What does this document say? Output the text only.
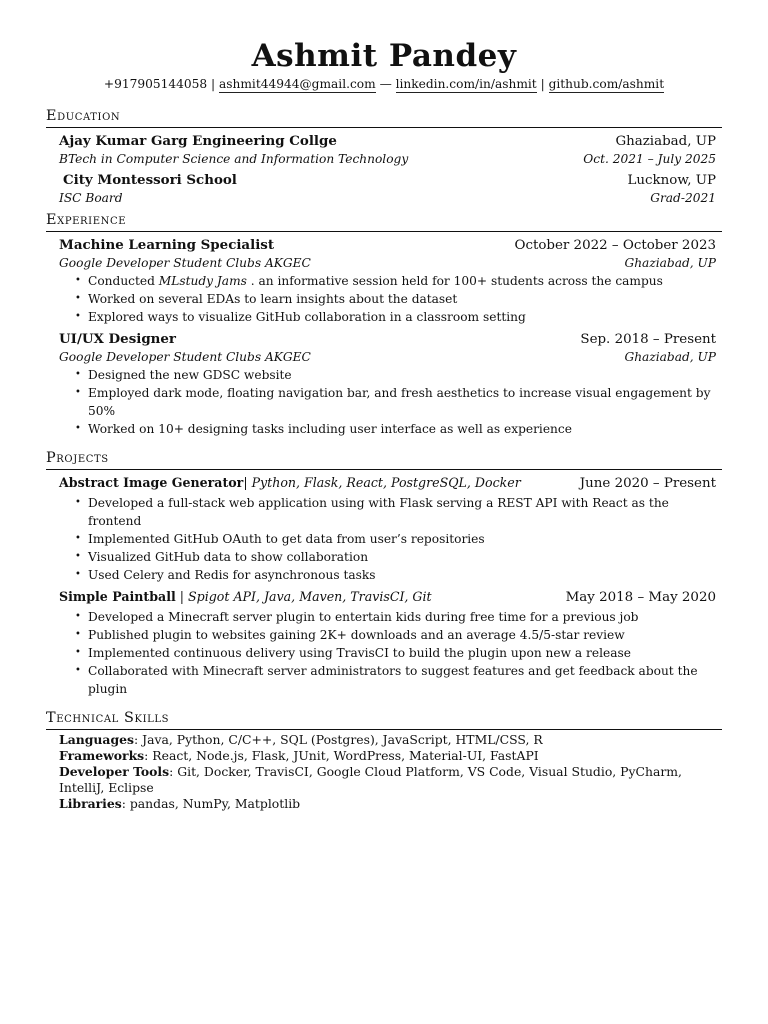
Ashmit Pandey
+917905144058 | ashmit44944@gmail.com — linkedin.com/in/ashmit | github.com/ashmit
Education
Ajay Kumar Garg Engineering Collge	Ghaziabad, UP
BTech in Computer Science and Information Technology	Oct. 2021 – July 2025
City Montessori School	Lucknow, UP
ISC Board	Grad-2021
Experience
Machine Learning Specialist	October 2022 – October 2023
Google Developer Student Clubs AKGEC	Ghaziabad, UP
• Conducted MLstudy Jams . an informative session held for 100+ students across the campus
• Worked on several EDAs to learn insights about the dataset
• Explored ways to visualize GitHub collaboration in a classroom setting
UI/UX Designer	Sep. 2018 – Present
Google Developer Student Clubs AKGEC	Ghaziabad, UP
• Designed the new GDSC website
• Employed dark mode, floating navigation bar, and fresh aesthetics to increase visual engagement by 50%
• Worked on 10+ designing tasks including user interface as well as experience
Projects
Abstract Image Generator| Python, Flask, React, PostgreSQL, Docker	June 2020 – Present
• Developed a full-stack web application using with Flask serving a REST API with React as the frontend
• Implemented GitHub OAuth to get data from user’s repositories
• Visualized GitHub data to show collaboration
• Used Celery and Redis for asynchronous tasks
Simple Paintball | Spigot API, Java, Maven, TravisCI, Git	May 2018 – May 2020
• Developed a Minecraft server plugin to entertain kids during free time for a previous job
• Published plugin to websites gaining 2K+ downloads and an average 4.5/5-star review
• Implemented continuous delivery using TravisCI to build the plugin upon new a release
• Collaborated with Minecraft server administrators to suggest features and get feedback about the plugin
Technical Skills
Languages: Java, Python, C/C++, SQL (Postgres), JavaScript, HTML/CSS, R
Frameworks: React, Node.js, Flask, JUnit, WordPress, Material-UI, FastAPI
Developer Tools: Git, Docker, TravisCI, Google Cloud Platform, VS Code, Visual Studio, PyCharm, IntelliJ, Eclipse
Libraries: pandas, NumPy, Matplotlib
